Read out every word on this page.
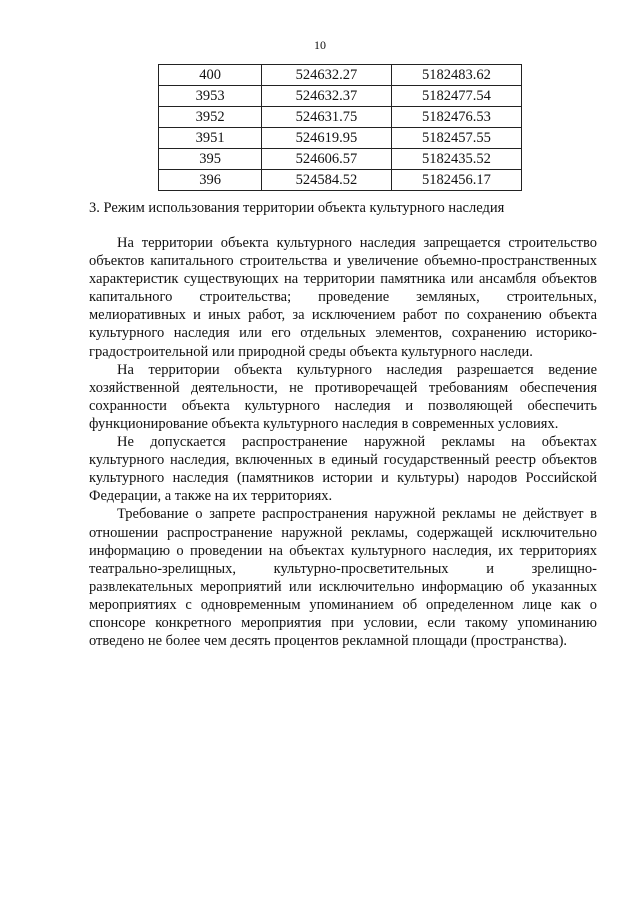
10
400	524632.27	5182483.62
3953	524632.37	5182477.54
3952	524631.75	5182476.53
3951	524619.95	5182457.55
395	524606.57	5182435.52
396	524584.52	5182456.17
3. Режим использования территории объекта культурного наследия

На территории объекта культурного наследия запрещается строительство объектов капитального строительства и увеличение объемно-пространственных характеристик существующих на территории памятника или ансамбля объектов капитального строительства; проведение земляных, строительных, мелиоративных и иных работ, за исключением работ по сохранению объекта культурного наследия или его отдельных элементов, сохранению историко-градостроительной или природной среды объекта культурного наследи.

На территории объекта культурного наследия разрешается ведение хозяйственной деятельности, не противоречащей требованиям обеспечения сохранности объекта культурного наследия и позволяющей обеспечить функционирование объекта культурного наследия в современных условиях.

Не допускается распространение наружной рекламы на объектах культурного наследия, включенных в единый государственный реестр объектов культурного наследия (памятников истории и культуры) народов Российской Федерации, а также на их территориях.

Требование о запрете распространения наружной рекламы не действует в отношении распространение наружной рекламы, содержащей исключительно информацию о проведении на объектах культурного наследия, их территориях театрально-зрелищных, культурно-просветительных и зрелищно-развлекательных мероприятий или исключительно информацию об указанных мероприятиях с одновременным упоминанием об определенном лице как о спонсоре конкретного мероприятия при условии, если такому упоминанию отведено не более чем десять процентов рекламной площади (пространства).
